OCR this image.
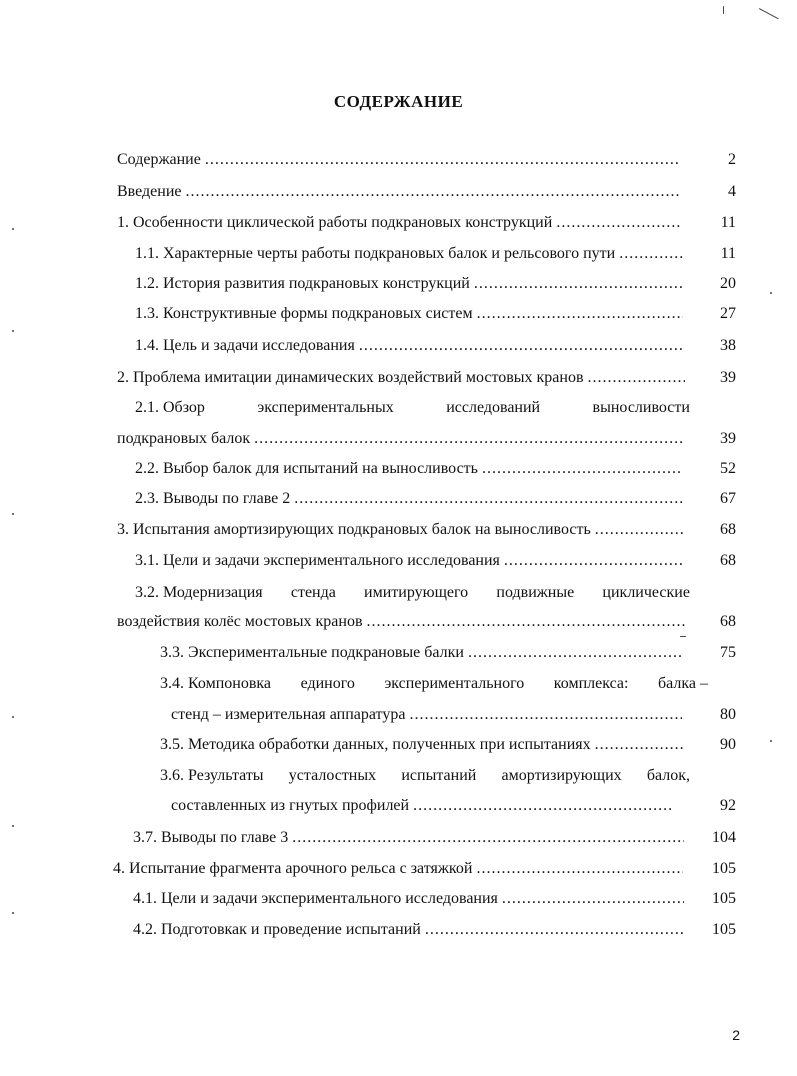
СОДЕРЖАНИЕ
Содержание .....	2
Введение .....	4
1. Особенности циклической работы подкрановых конструкций .....	11
1.1. Характерные черты работы подкрановых балок и рельсового пути .....	11
1.2. История развития подкрановых конструкций .....	20
1.3. Конструктивные формы подкрановых систем .....	27
1.4. Цель и задачи исследования .....	38
2. Проблема имитации динамических воздействий мостовых кранов .....	39
2.1. Обзор	экспериментальных	исследований	выносливости
подкрановых балок .....	39
2.2. Выбор балок для испытаний на выносливость .....	52
2.3. Выводы по главе 2 .....	67
3. Испытания амортизирующих подкрановых балок на выносливость .....	68
3.1. Цели и задачи экспериментального исследования .....	68
3.2. Модернизация стенда имитирующего подвижные циклические
воздействия колёс мостовых кранов .....	68
3.3. Экспериментальные подкрановые балки .....	75
3.4. Компоновка единого экспериментального комплекса: балка –
стенд – измерительная аппаратура .....	80
3.5. Методика обработки данных, полученных при испытаниях .....	90
3.6. Результаты усталостных испытаний амортизирующих балок,
составленных из гнутых профилей .....	92
3.7. Выводы по главе 3 .....	104
4. Испытание фрагмента арочного рельса с затяжкой .....	105
4.1. Цели и задачи экспериментального исследования .....	105
4.2. Подготовкак и проведение испытаний .....	105
2
